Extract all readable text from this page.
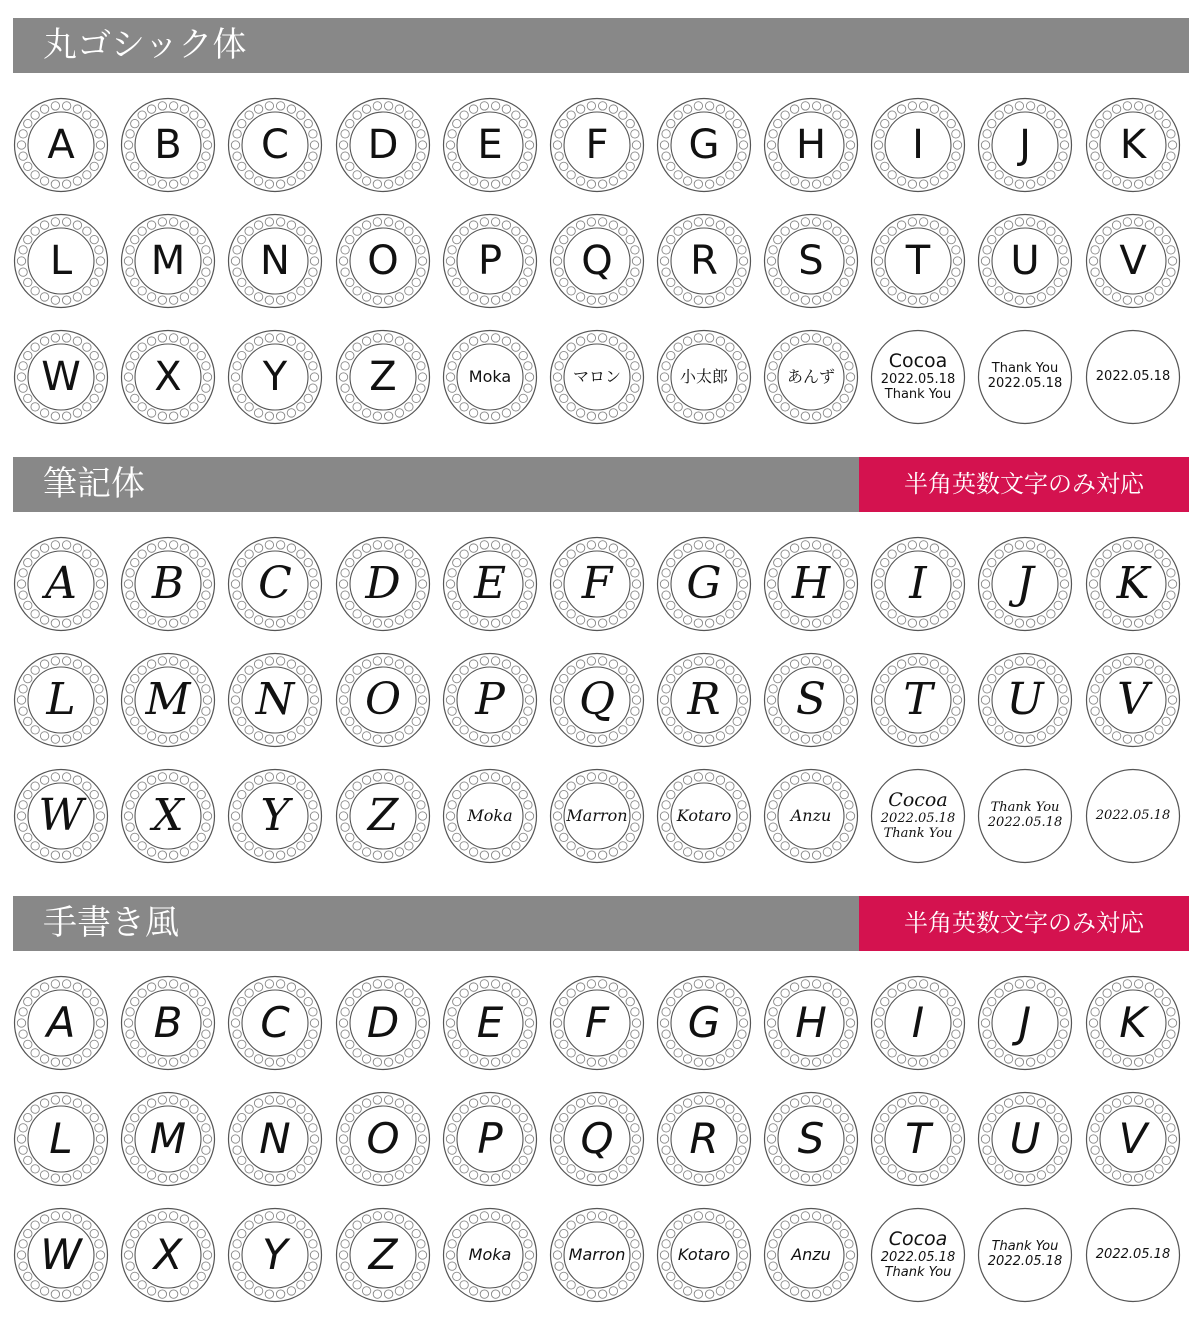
丸ゴシック体
A B C D E F G H I J K
L M N O P Q R S T U V
W X Y Z	Moka	マロン	小太郎	あんず
Cocoa
2022.05.18
Thank You
Thank You
2022.05.18	2022.05.18
筆記体	半角英数文字のみ対応
A B C D E F G H I J K
L M N O P Q R S T U V
W X Y Z	Moka	Marron	Kotaro	Anzu
Cocoa
2022.05.18
Thank You
Thank You
2022.05.18	2022.05.18
手書き風	半角英数文字のみ対応
A B C D E F G H I J K
L M N O P Q R S T U V
W X Y Z	Moka	Marron	Kotaro	Anzu
Cocoa
2022.05.18
Thank You
Thank You
2022.05.18	2022.05.18
